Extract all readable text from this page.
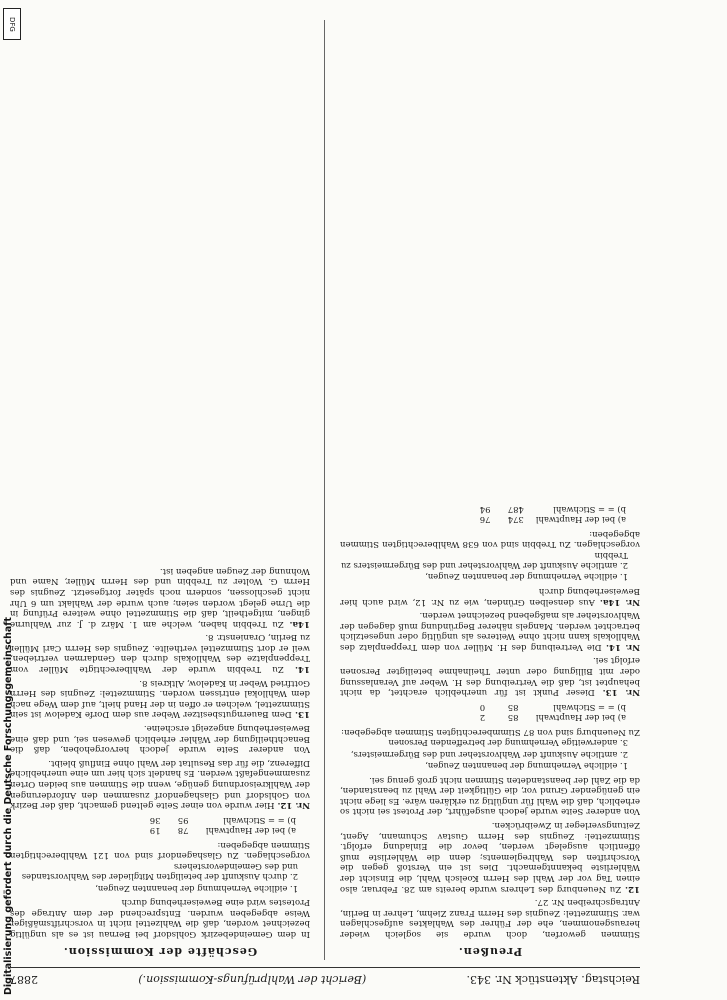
Digitalisierung gefördert durch die Deutsche Forschungsgemeinschaft	Reichstag. Aktenstück Nr. 343.
(Bericht der Wahlprüfungs-Kommission.)
2887
Preußen.

Stimmen geworfen, doch wurde sie sogleich wieder herausgenommen, ehe der Führer des Wahlaktes aufgeschlagen war. Stimmzettel: Zeugnis des Herrn Franz Ziehm, Lehrer in Berlin, Antragschreiben Nr. 27.

12. Zu Neuenburg des Lehrers wurde bereits am 28. Februar, also einen Tag vor der Wahl des Herrn Koelsch Wahl, die Einsicht der Wählerliste bekanntgemacht. Dies ist ein Verstoß gegen die Vorschriften des Wahlreglements; denn die Wählerliste muß öffentlich ausgelegt werden, bevor die Einladung erfolgt. Stimmzettel: Zeugnis des Herrn Gustav Schumann, Agent, Zeitungsverleger in Zweibrücken.

Von anderer Seite wurde jedoch ausgeführt, der Protest sei nicht so erheblich, daß die Wahl für ungültig zu erklären wäre. Es liege nicht ein genügender Grund vor, die Gültigkeit der Wahl zu beanstanden, da die Zahl der beanstandeten Stimmen nicht groß genug sei.

1. eidliche Vernehmung der benannten Zeugen,
2. amtliche Auskunft der Wahlvorsteher und des Bürgermeisters,
3. anderweitige Vernehmung der betreffenden Personen

Zu Neuenburg sind von 87 Stimmberechtigten Stimmen abgegeben:

a) bei der Hauptwahl	85	2
b) = = Stichwahl	85	0

Nr. 13. Dieser Punkt ist für unerheblich erachtet, da nicht behauptet ist, daß die Vertreibung des H. Weber auf Veranlassung oder mit Billigung oder unter Theilnahme beteiligter Personen erfolgt sei.

Nr. 14. Die Vertreibung des H. Müller von dem Treppenplatz des Wahllokals kann nicht ohne Weiteres als ungültig oder ungesetzlich betrachtet werden. Mangels näherer Begründung muß dagegen der Wahlvorsteher als maßgebend bezeichnet werden.

Nr. 14a. Aus denselben Gründen, wie zu Nr. 12, wird auch hier Beweiserhebung durch

1. eidliche Vernehmung der benannten Zeugen,
2. amtliche Auskunft der Wahlvorsteher und des Bürgermeisters zu Trebbin

vorgeschlagen. Zu Trebbin sind von 638 Wahlberechtigten Stimmen abgegeben:

a) bei der Hauptwahl	374	76
b) = = Stichwahl	487	94
Geschäfte der Kommission.

In dem Gemeindebezirk Gohlsdorf bei Bernau ist es als ungültig bezeichnet worden, daß die Wahlzettel nicht in vorschriftsmäßiger Weise abgegeben wurden. Entsprechend der dem Antrage des Protestes wird eine Beweiserhebung durch

1. eidliche Vernehmung der benannten Zeugen,
2. durch Auskunft der beteiligten Mitglieder des Wahlvorstandes und des Gemeindevorstehers

vorgeschlagen. Zu Glashagendorf sind von 121 Wahlberechtigten Stimmen abgegeben:

a) bei der Hauptwahl	78	19
b) = = Stichwahl	95	36

Nr. 12. Hier wurde von einer Seite geltend gemacht, daß der Bezirk von Gohlsdorf und Glashagendorf zusammen den Anforderungen der Wahlkreisordnung genüge, wenn die Stimmen aus beiden Orten zusammengefaßt werden. Es handelt sich hier um eine unerhebliche Differenz, die für das Resultat der Wahl ohne Einfluß bleibt.

Von anderer Seite wurde jedoch hervorgehoben, daß die Benachtheiligung der Wähler erheblich gewesen sei, und daß eine Beweiserhebung angezeigt erscheine.

13. Dem Bauerngutsbesitzer Weber aus dem Dorfe Kadelow ist sein Stimmzettel, welchen er offen in der Hand hielt, auf dem Wege nach dem Wahllokal entrissen worden. Stimmzettel: Zeugnis des Herrn Gottfried Weber in Kadelow, Altkreis 8.

14. Zu Trebbin wurde der Wahlberechtigte Müller vom Treppenplatze des Wahllokals durch den Gendarmen vertrieben, weil er dort Stimmzettel vertheilte. Zeugnis des Herrn Carl Müller zu Berlin, Oranienstr. 8.

14a. Zu Trebbin haben, welche am 1. März d. J. zur Wahlurne gingen, mitgetheilt, daß die Stimmzettel ohne weitere Prüfung in die Urne gelegt worden seien; auch wurde der Wahlakt um 6 Uhr nicht geschlossen, sondern noch später fortgesetzt. Zeugnis des Herrn G. Wolter zu Trebbin und des Herrn Müller, Name und Wohnung der Zeugen angeben ist.

DFG
